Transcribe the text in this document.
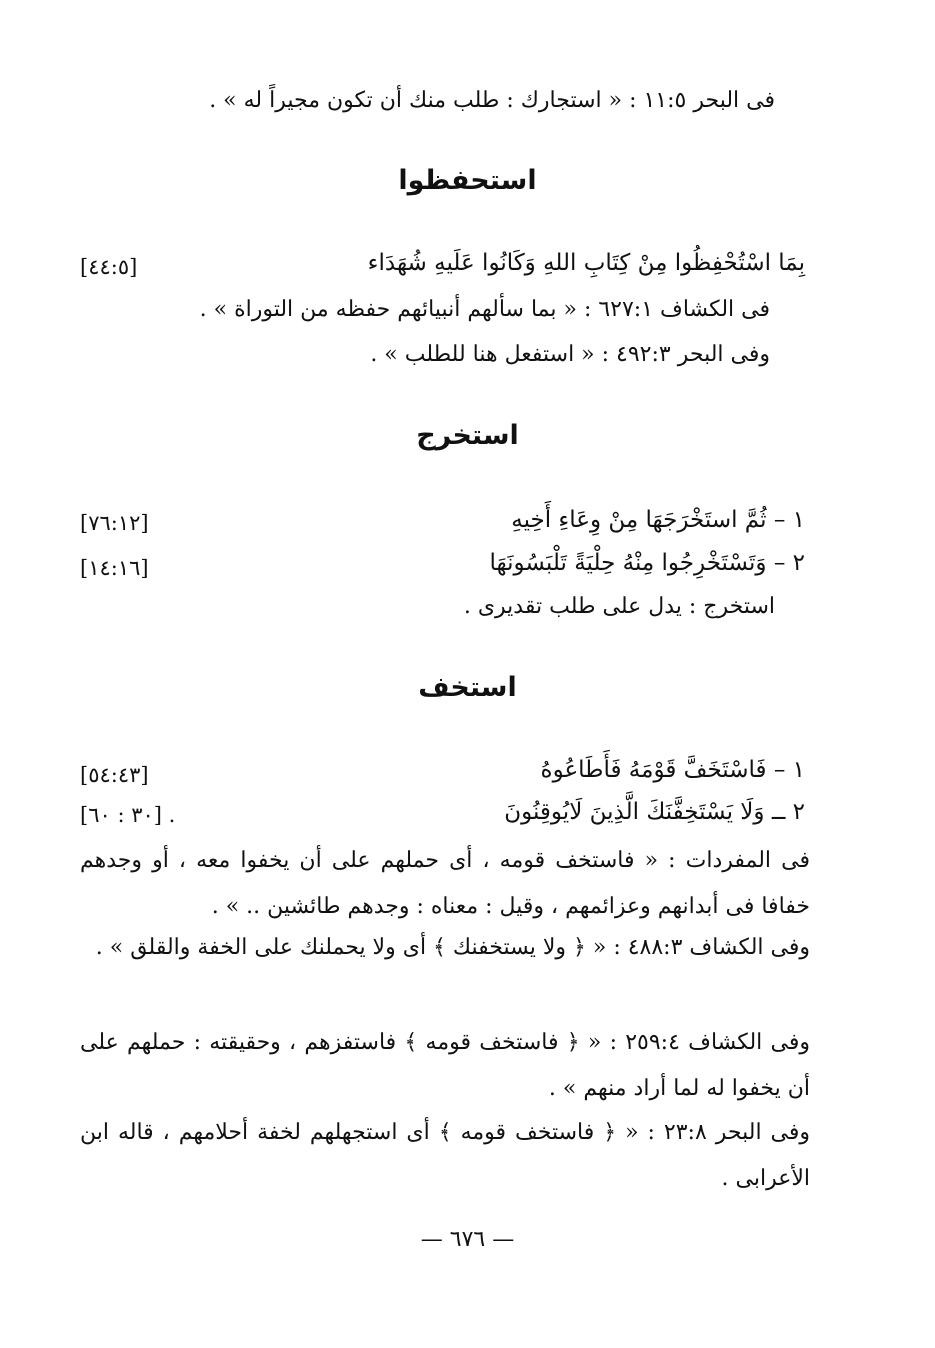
فى البحر ١١:٥ : « استجارك : طلب منك أن تكون مجيراً له » .
استحفظوا
بِمَا اسْتُحْفِظُوا مِنْ كِتَابِ اللهِ وَكَانُوا عَلَيهِ شُهَدَاء
[٤٤:٥]
فى الكشاف ٦٢٧:١ : « بما سألهم أنبيائهم حفظه من التوراة » .
وفى البحر ٤٩٢:٣ : « استفعل هنا للطلب » .
استخرج
١ – ثُمَّ استَخْرَجَهَا مِنْ وِعَاءِ أَخِيهِ
[٧٦:١٢]
٢ – وَتَسْتَخْرِجُوا مِنْهُ حِلْيَةً تَلْبَسُونَهَا
[١٤:١٦]
استخرج : يدل على طلب تقديرى .
استخف
١ – فَاسْتَخَفَّ قَوْمَهُ فَأَطَاعُوهُ
[٥٤:٤٣]
٢ ــ وَلَا يَسْتَخِفَّنَكَ الَّذِينَ لَايُوقِنُونَ
[٣٠ : ٦٠] .
فى المفردات : « فاستخف قومه ، أى حملهم على أن يخفوا معه ، أو وجدهم خفافا فى أبدانهم وعزائمهم ، وقيل : معناه : وجدهم طائشين .. » .
وفى الكشاف ٤٨٨:٣ : « ﴿ ولا يستخفنك ﴾ أى ولا يحملنك على الخفة والقلق » .
وفى الكشاف ٢٥٩:٤ : « ﴿ فاستخف قومه ﴾ فاستفزهم ، وحقيقته : حملهم على أن يخفوا له لما أراد منهم » .
وفى البحر ٢٣:٨ : « ﴿ فاستخف قومه ﴾ أى استجهلهم لخفة أحلامهم ، قاله ابن الأعرابى .
— ٦٧٦ —
